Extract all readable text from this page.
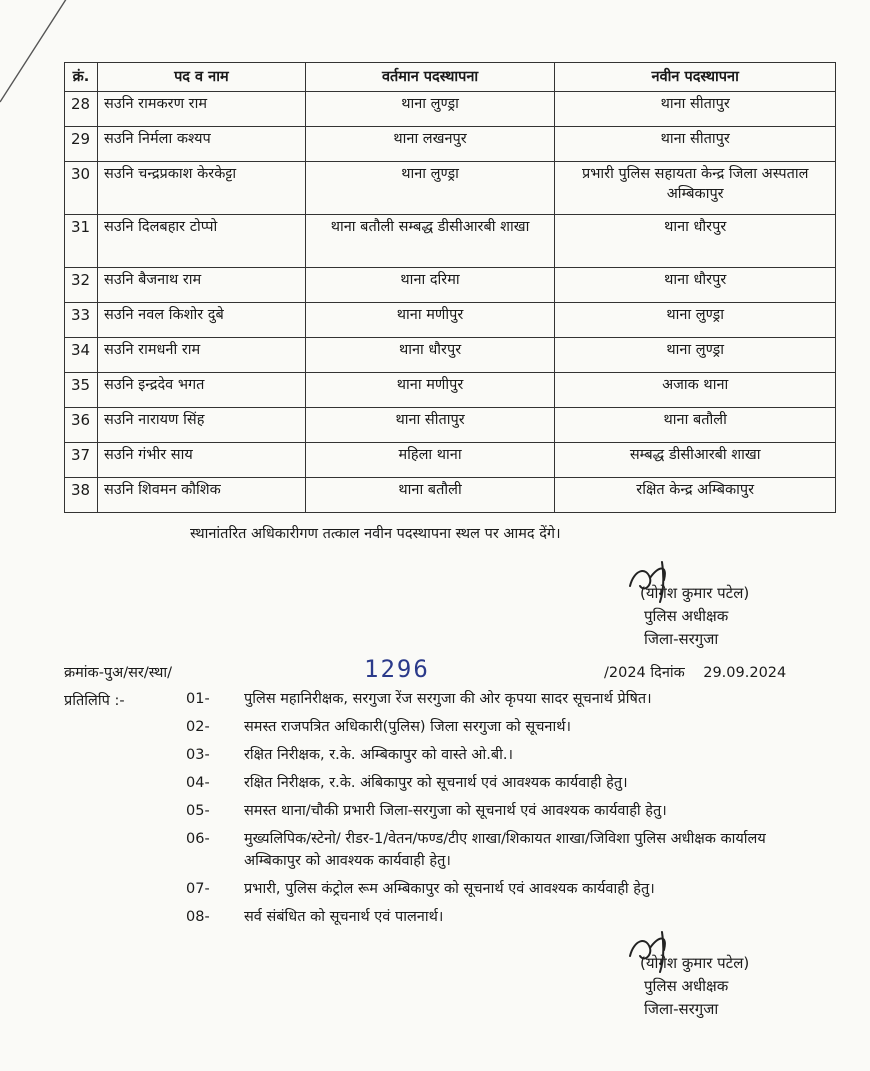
क्रं.	पद व नाम	वर्तमान पदस्थापना	नवीन पदस्थापना
28	सउनि रामकरण राम	थाना लुण्ड्रा	थाना सीतापुर
29	सउनि निर्मला कश्यप	थाना लखनपुर	थाना सीतापुर
30	सउनि चन्द्रप्रकाश केरकेट्टा	थाना लुण्ड्रा	प्रभारी पुलिस सहायता केन्द्र जिला अस्पताल अम्बिकापुर
31	सउनि दिलबहार टोप्पो	थाना बतौली सम्बद्ध डीसीआरबी शाखा	थाना धौरपुर
32	सउनि बैजनाथ राम	थाना दरिमा	थाना धौरपुर
33	सउनि नवल किशोर दुबे	थाना मणीपुर	थाना लुण्ड्रा
34	सउनि रामधनी राम	थाना धौरपुर	थाना लुण्ड्रा
35	सउनि इन्द्रदेव भगत	थाना मणीपुर	अजाक थाना
36	सउनि नारायण सिंह	थाना सीतापुर	थाना बतौली
37	सउनि गंभीर साय	महिला थाना	सम्बद्ध डीसीआरबी शाखा
38	सउनि शिवमन कौशिक	थाना बतौली	रक्षित केन्द्र अम्बिकापुर
स्थानांतरित अधिकारीगण तत्काल नवीन पदस्थापना स्थल पर आमद देंगे।
(योगेश कुमार पटेल)
पुलिस अधीक्षक
जिला-सरगुजा
क्रमांक-पुअ/सर/स्था/	1296	/2024 दिनांक 29.09.2024
प्रतिलिपि :-	01-	पुलिस महानिरीक्षक, सरगुजा रेंज सरगुजा की ओर कृपया सादर सूचनार्थ प्रेषित।
02-	समस्त राजपत्रित अधिकारी(पुलिस) जिला सरगुजा को सूचनार्थ।
03-	रक्षित निरीक्षक, र.के. अम्बिकापुर को वास्ते ओ.बी.।
04-	रक्षित निरीक्षक, र.के. अंबिकापुर को सूचनार्थ एवं आवश्यक कार्यवाही हेतु।
05-	समस्त थाना/चौकी प्रभारी जिला-सरगुजा को सूचनार्थ एवं आवश्यक कार्यवाही हेतु।
06-	मुख्यलिपिक/स्टेनो/ रीडर-1/वेतन/फण्ड/टीए शाखा/शिकायत शाखा/जिविशा पुलिस अधीक्षक कार्यालय अम्बिकापुर को आवश्यक कार्यवाही हेतु।
07-	प्रभारी, पुलिस कंट्रोल रूम अम्बिकापुर को सूचनार्थ एवं आवश्यक कार्यवाही हेतु।
08-	सर्व संबंधित को सूचनार्थ एवं पालनार्थ।
(योगेश कुमार पटेल)
पुलिस अधीक्षक
जिला-सरगुजा
